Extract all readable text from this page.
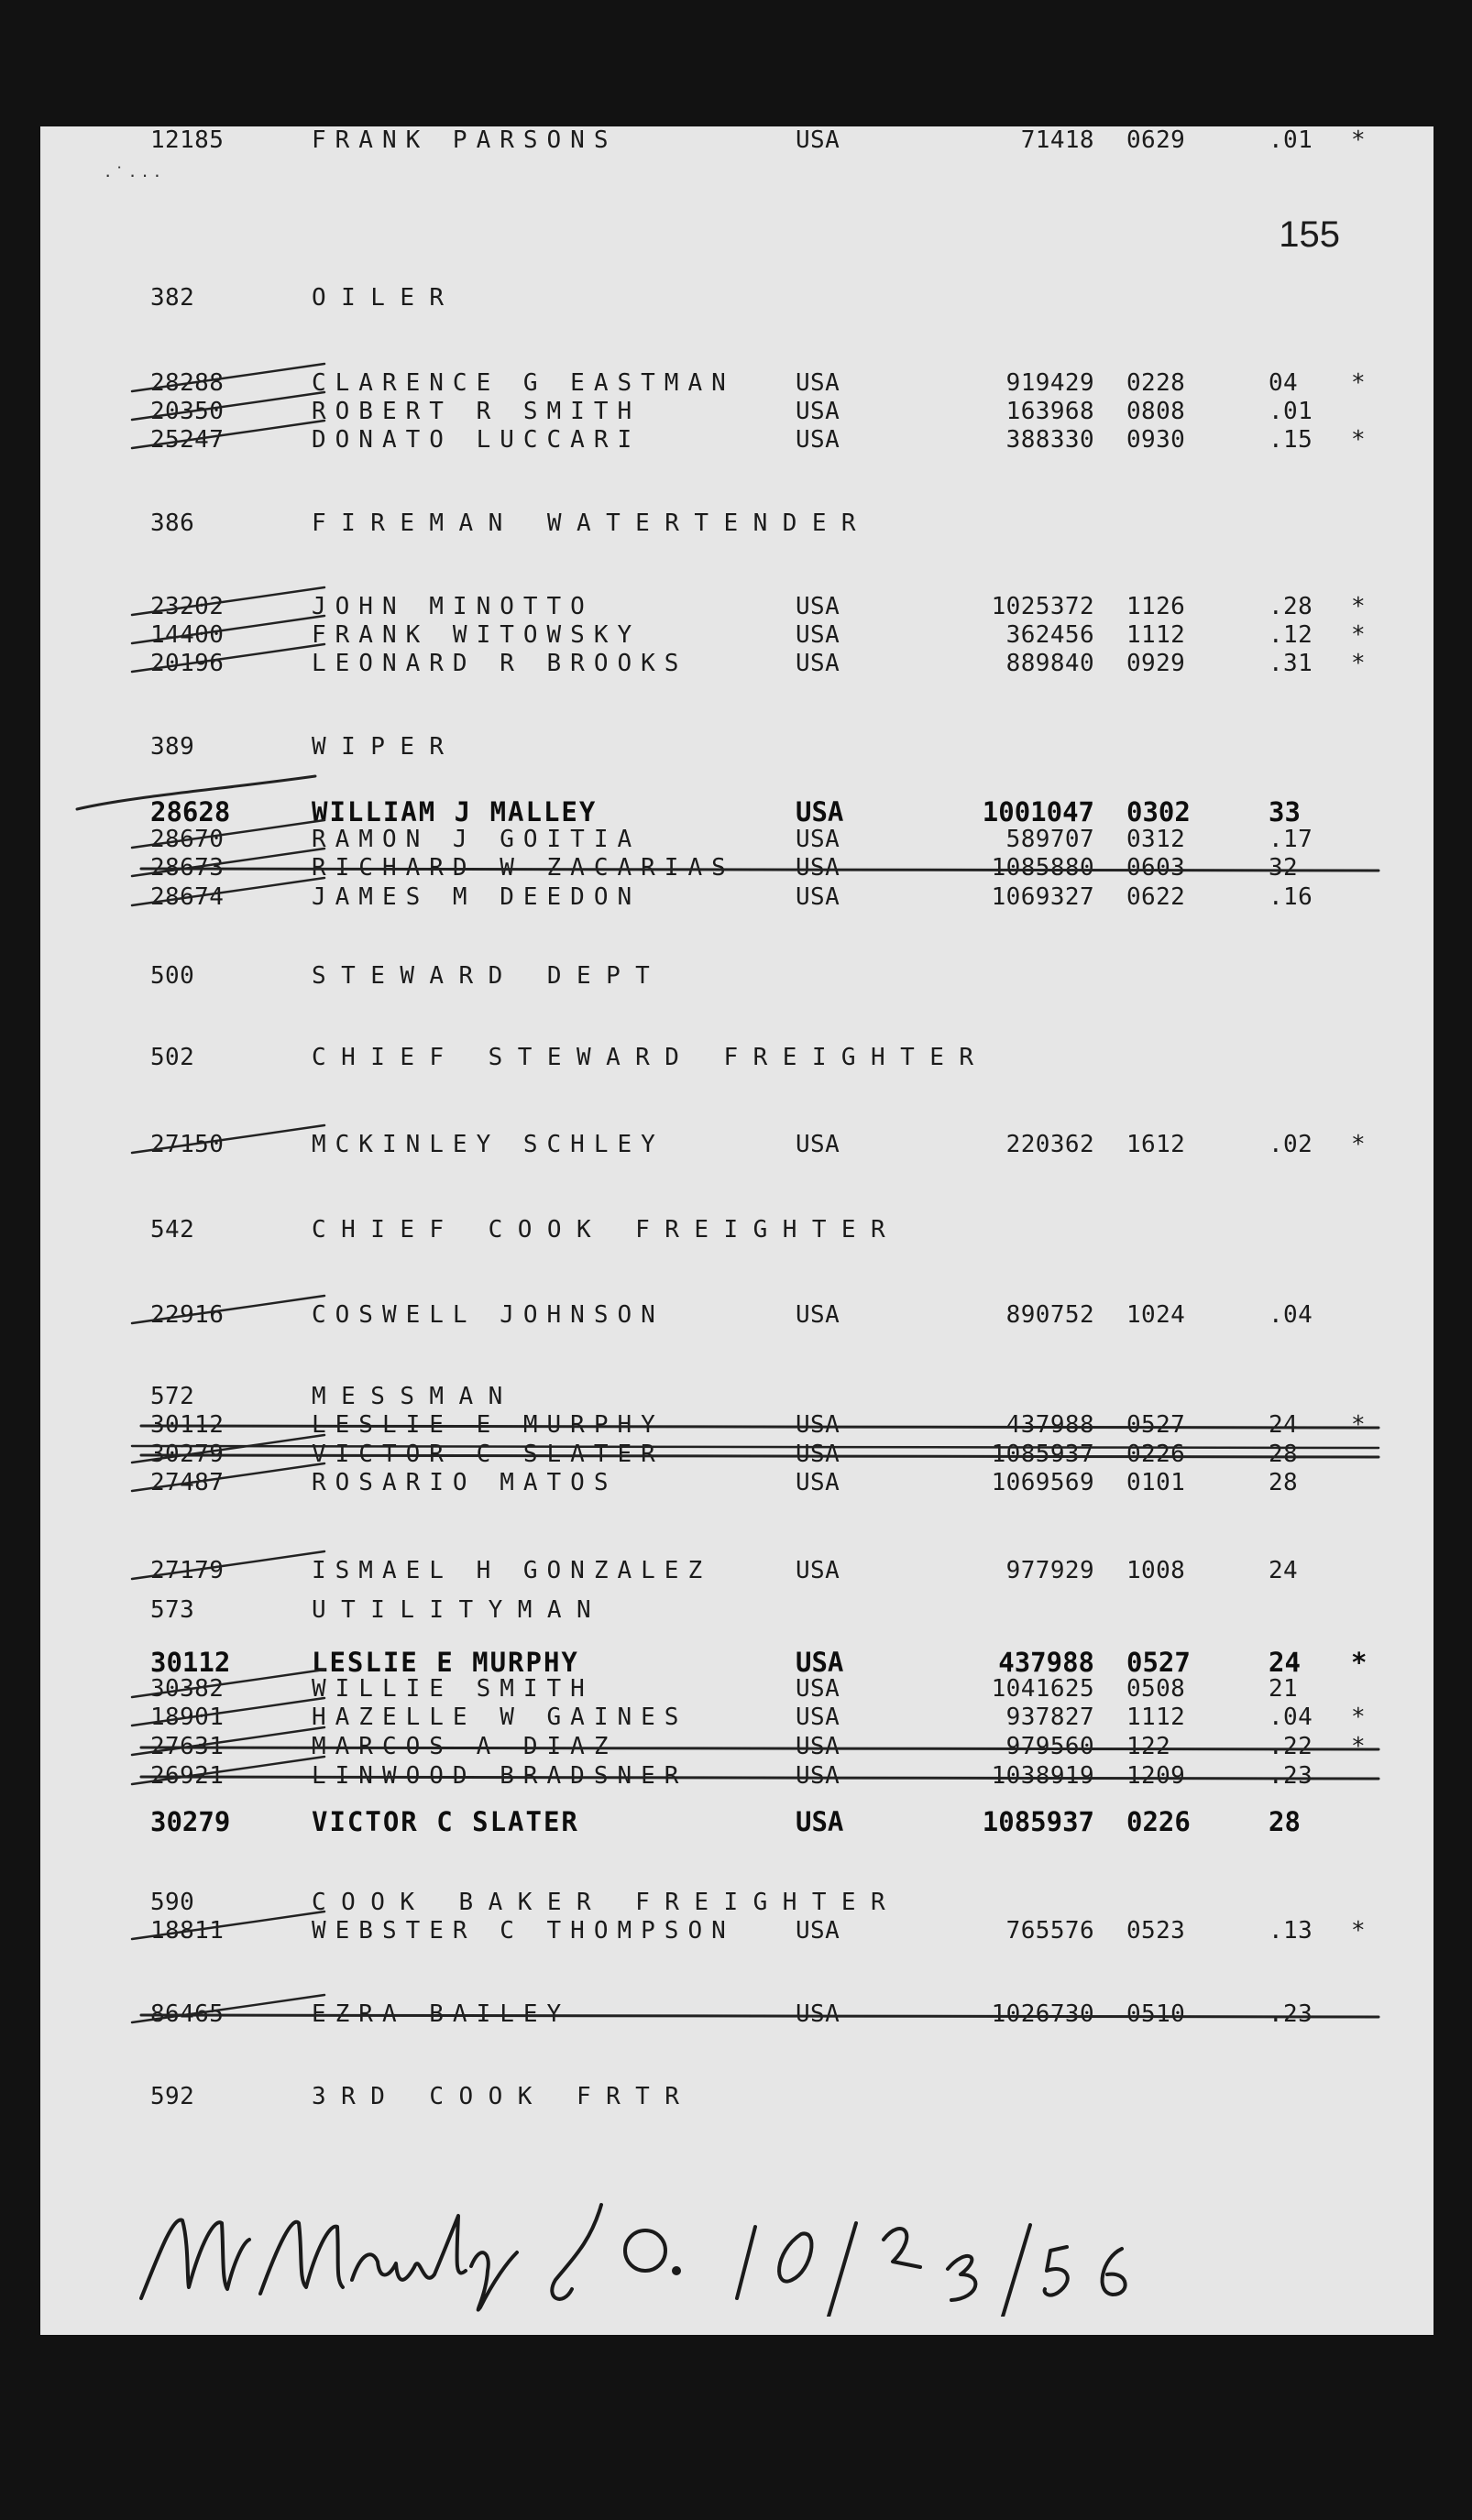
· ˙ · · ·
155
382	O I L E R
28288	CLARENCE G EASTMAN	USA	919429 0228	04 *
20350	ROBERT R SMITH	USA	163968 0808	.01
25247	DONATO LUCCARI	USA	388330 0930	.15 *
386	F I R E M A N   W A T E R T E N D E R
23202	JOHN MINOTTO	USA	1025372 1126	.28 *
14400	FRANK WITOWSKY	USA	362456 1112	.12 *
20196	LEONARD R BROOKS	USA	889840 0929	.31 *
389	W I P E R
28628	WILLIAM J MALLEY	USA	1001047 0302	33
28670	RAMON J GOITIA	USA	589707 0312	.17
28673	RICHARD W ZACARIAS	USA	1085880 0603	32
28674	JAMES M DEEDON	USA	1069327 0622	.16
500	S T E W A R D   D E P T
502	C H I E F   S T E W A R D   F R E I G H T E R
27150	MCKINLEY SCHLEY	USA	220362 1612	.02 *
542	C H I E F   C O O K   F R E I G H T E R
22916	COSWELL JOHNSON	USA	890752 1024	.04
572	M E S S M A N
30112	LESLIE E MURPHY	USA	437988 0527	24 *
30279	VICTOR C SLATER	USA	1085937 0226	28
27487	ROSARIO MATOS	USA	1069569 0101	28
27179	ISMAEL H GONZALEZ	USA	977929 1008	24
573	U T I L I T Y M A N
30112	LESLIE E MURPHY	USA	437988 0527	24 *
30382	WILLIE SMITH	USA	1041625 0508	21
18901	HAZELLE W GAINES	USA	937827 1112	.04 *
27631	MARCOS A DIAZ	USA	979560 122	.22 *
26921	LINWOOD BRADSNER	USA	1038919 1209	.23
30279	VICTOR C SLATER	USA	1085937 0226	28
590	C O O K   B A K E R   F R E I G H T E R
18811	WEBSTER C THOMPSON	USA	765576 0523	.13 *
86465	EZRA BAILEY	USA	1026730 0510	.23
592	3 R D   C O O K   F R T R
12185	FRANK PARSONS	USA	71418 0629	.01 *
